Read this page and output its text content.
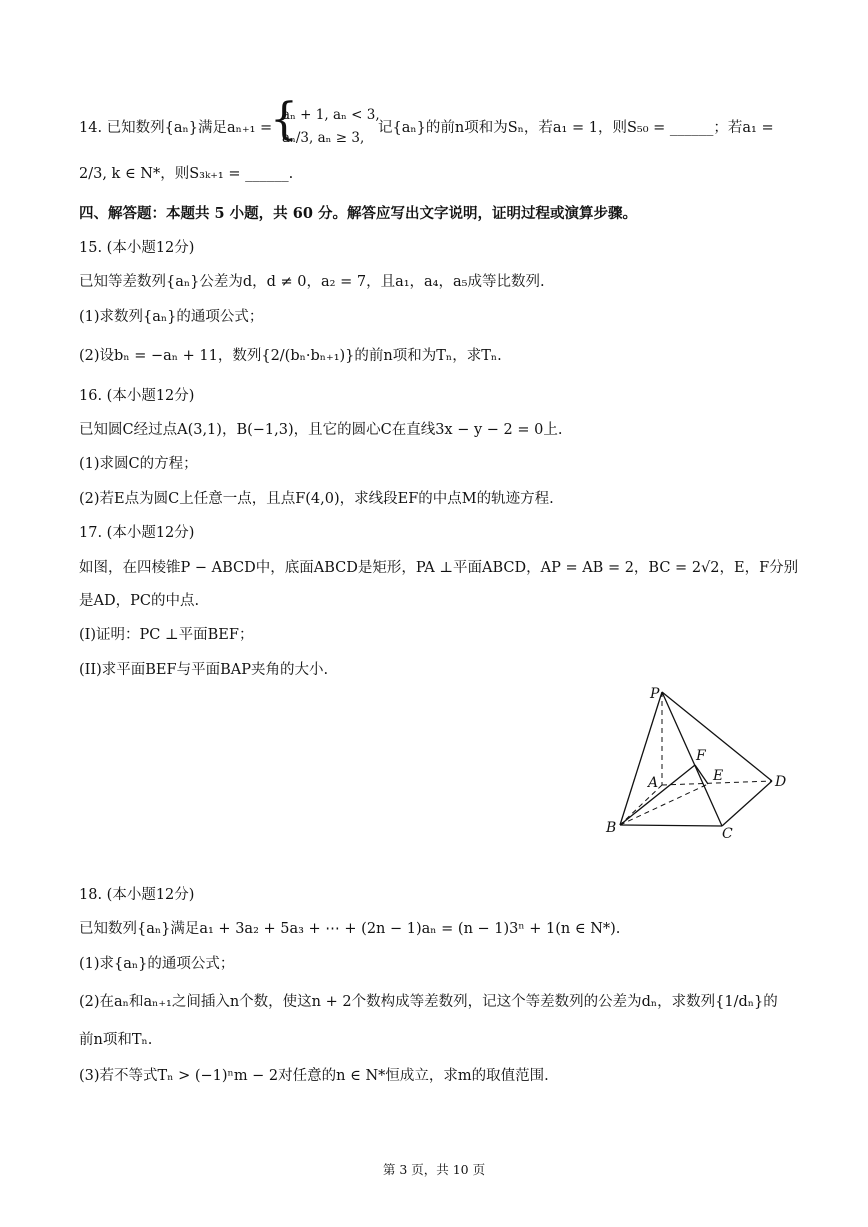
14. 已知数列{aₙ}满足aₙ₊₁ =
{
aₙ + 1, aₙ < 3,
aₙ/3, aₙ ≥ 3,
记{aₙ}的前n项和为Sₙ，若a₁ = 1，则S₅₀ = ______；若a₁ =
2/3, k ∈ N*，则S₃ₖ₊₁ = ______.
四、解答题：本题共 5 小题，共 60 分。解答应写出文字说明，证明过程或演算步骤。
15. (本小题12分)
已知等差数列{aₙ}公差为d，d ≠ 0，a₂ = 7，且a₁，a₄，a₅成等比数列.
(1)求数列{aₙ}的通项公式；
(2)设bₙ = −aₙ + 11，数列{2/(bₙ·bₙ₊₁)}的前n项和为Tₙ，求Tₙ.
16. (本小题12分)
已知圆C经过点A(3,1)，B(−1,3)，且它的圆心C在直线3x − y − 2 = 0上.
(1)求圆C的方程；
(2)若E点为圆C上任意一点，且点F(4,0)，求线段EF的中点M的轨迹方程.
17. (本小题12分)
如图，在四棱锥P − ABCD中，底面ABCD是矩形，PA ⊥平面ABCD，AP = AB = 2，BC = 2√2，E，F分别
是AD，PC的中点.
(I)证明：PC ⊥平面BEF；
(II)求平面BEF与平面BAP夹角的大小.
P
A
B	C
D
E
F
18. (本小题12分)
已知数列{aₙ}满足a₁ + 3a₂ + 5a₃ + ⋯ + (2n − 1)aₙ = (n − 1)3ⁿ + 1(n ∈ N*).
(1)求{aₙ}的通项公式；
(2)在aₙ和aₙ₊₁之间插入n个数，使这n + 2个数构成等差数列，记这个等差数列的公差为dₙ，求数列{1/dₙ}的
前n项和Tₙ.
(3)若不等式Tₙ > (−1)ⁿm − 2对任意的n ∈ N*恒成立，求m的取值范围.
第 3 页，共 10 页
